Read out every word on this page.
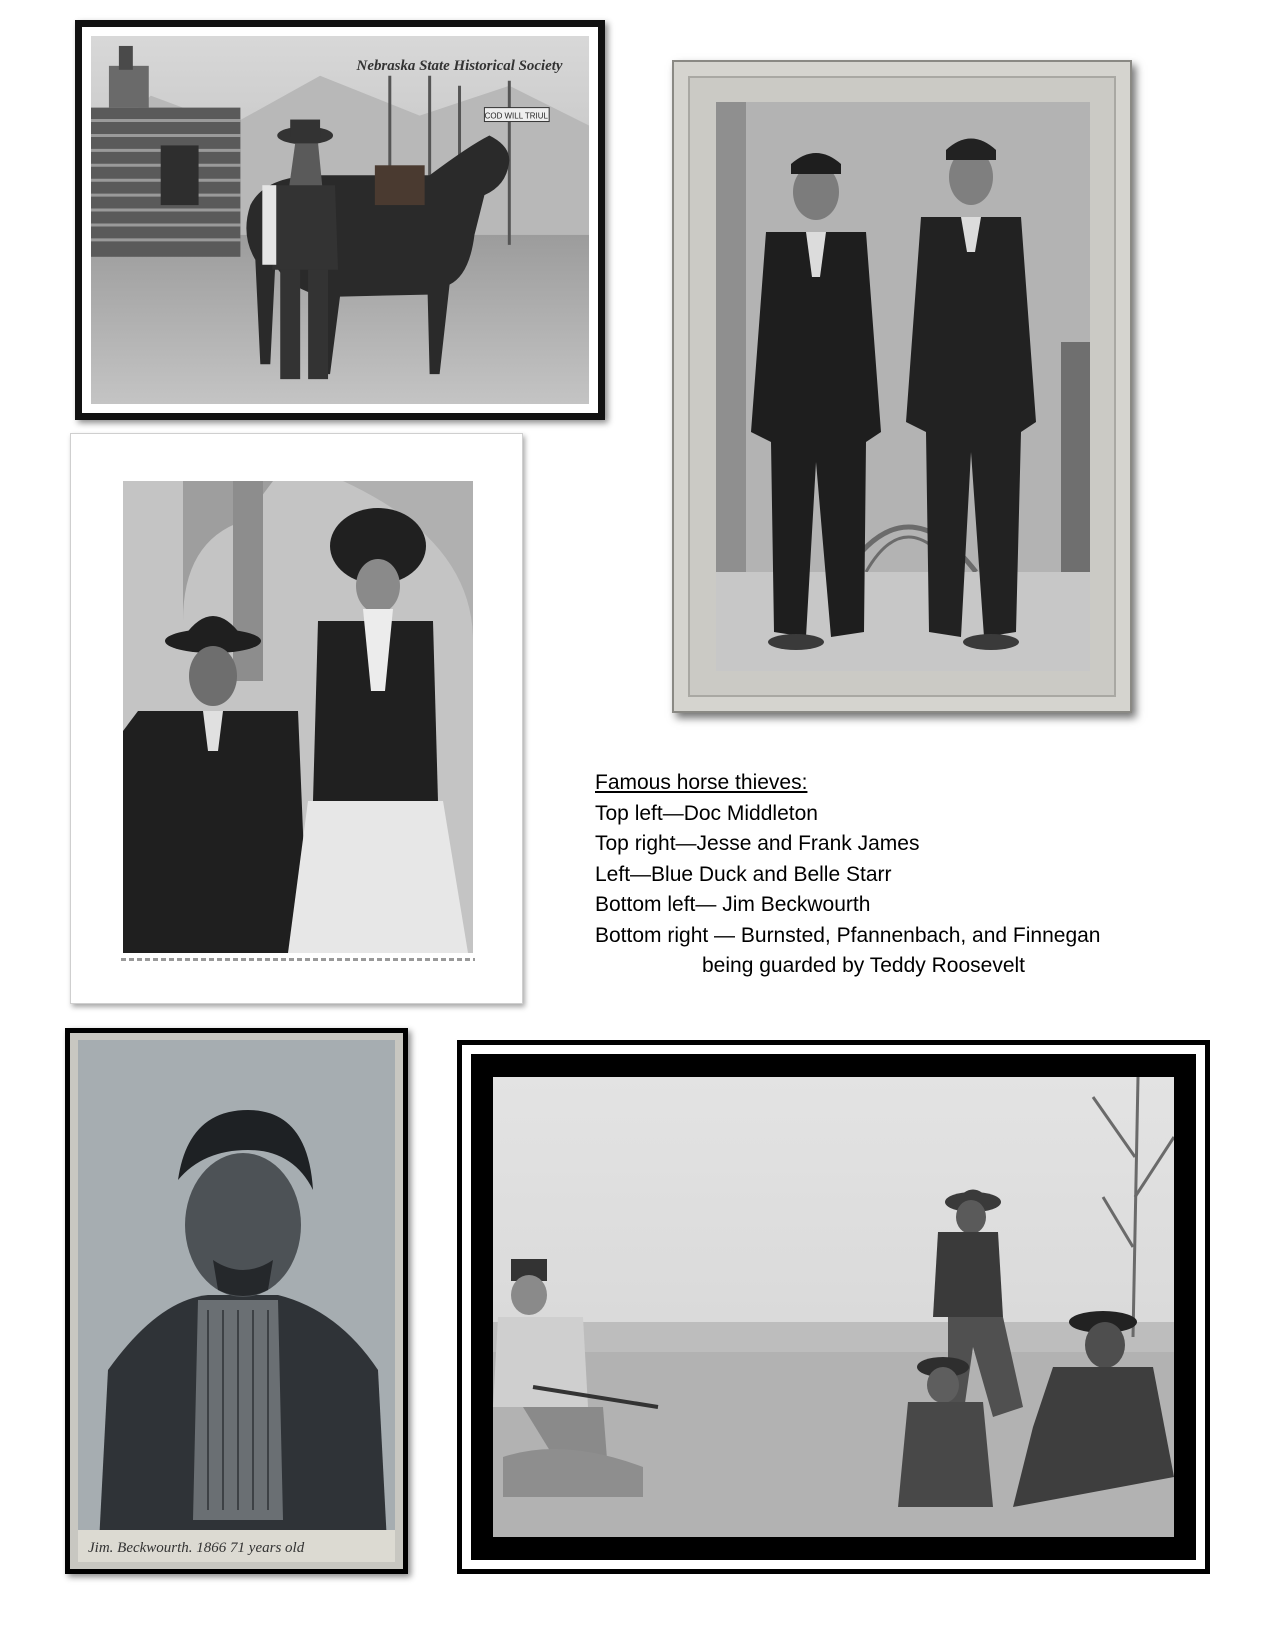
COD WILL TRIUL
Nebraska State Historical Society
Jim. Beckwourth. 1866 71 years old
Famous horse thieves:
Top left—Doc Middleton
Top right—Jesse and Frank James
Left—Blue Duck and Belle Starr
Bottom left— Jim Beckwourth
Bottom right — Burnsted, Pfannenbach, and Finnegan
being guarded by Teddy Roosevelt
